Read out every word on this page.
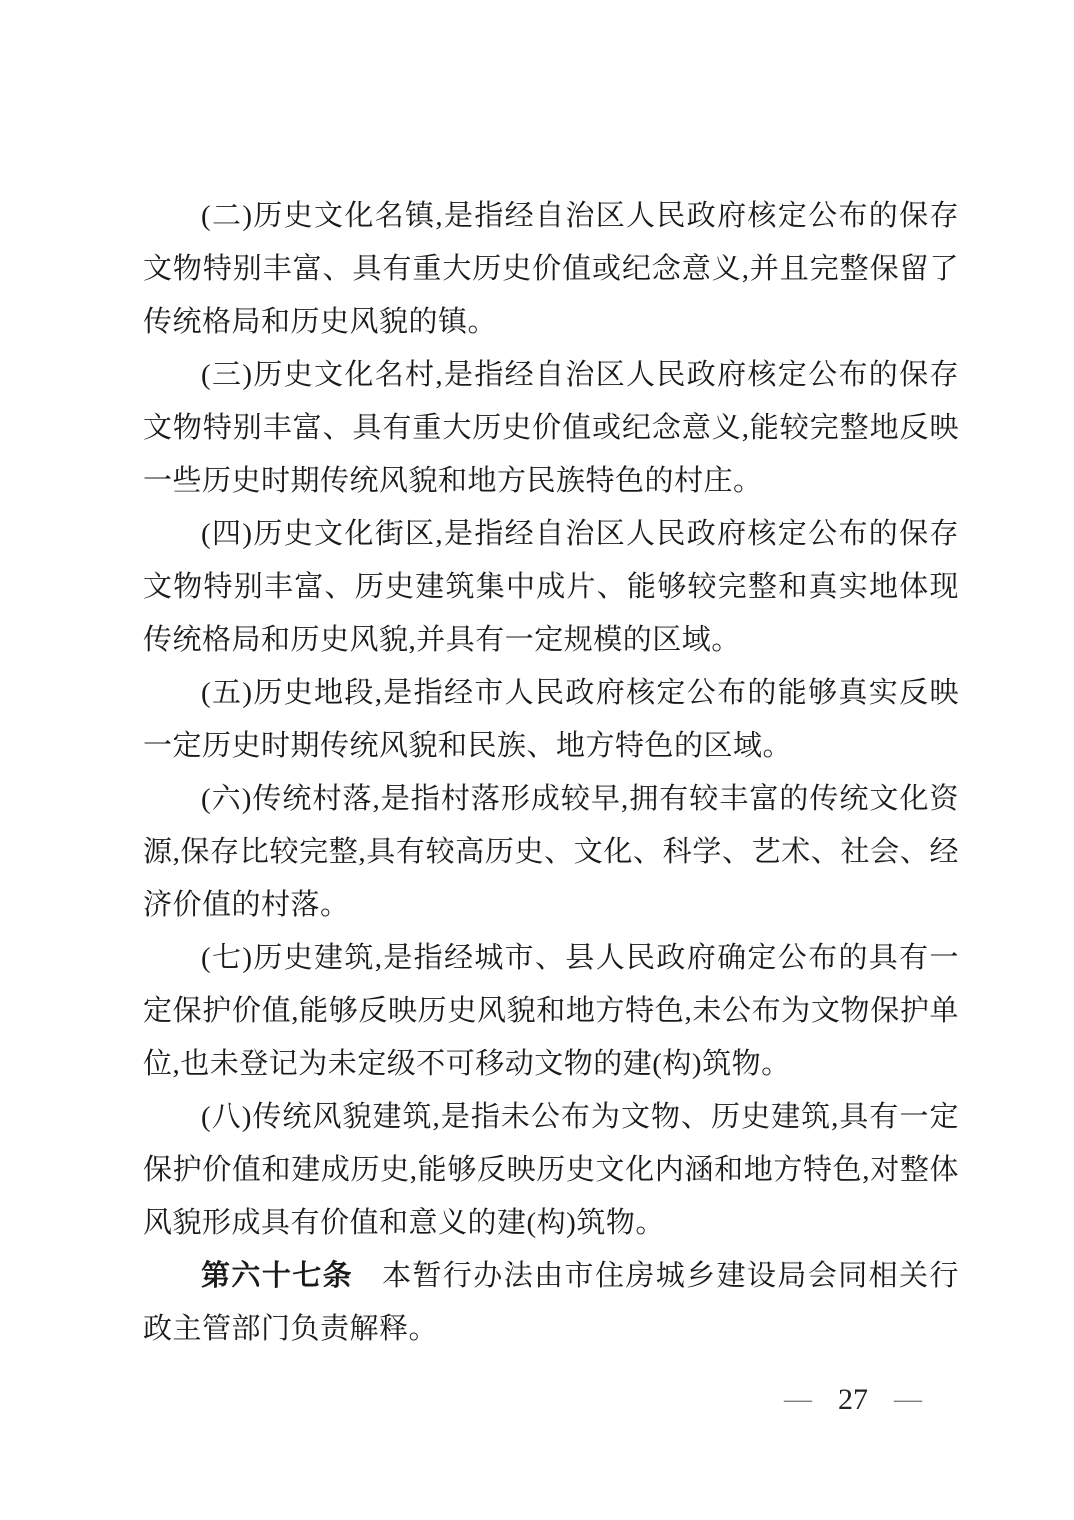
(二)历史文化名镇,是指经自治区人民政府核定公布的保存文物特别丰富、具有重大历史价值或纪念意义,并且完整保留了传统格局和历史风貌的镇。

(三)历史文化名村,是指经自治区人民政府核定公布的保存文物特别丰富、具有重大历史价值或纪念意义,能较完整地反映一些历史时期传统风貌和地方民族特色的村庄。

(四)历史文化街区,是指经自治区人民政府核定公布的保存文物特别丰富、历史建筑集中成片、能够较完整和真实地体现传统格局和历史风貌,并具有一定规模的区域。

(五)历史地段,是指经市人民政府核定公布的能够真实反映一定历史时期传统风貌和民族、地方特色的区域。

(六)传统村落,是指村落形成较早,拥有较丰富的传统文化资源,保存比较完整,具有较高历史、文化、科学、艺术、社会、经济价值的村落。

(七)历史建筑,是指经城市、县人民政府确定公布的具有一定保护价值,能够反映历史风貌和地方特色,未公布为文物保护单位,也未登记为未定级不可移动文物的建(构)筑物。

(八)传统风貌建筑,是指未公布为文物、历史建筑,具有一定保护价值和建成历史,能够反映历史文化内涵和地方特色,对整体风貌形成具有价值和意义的建(构)筑物。

第六十七条 本暂行办法由市住房城乡建设局会同相关行政主管部门负责解释。

— 27 —
